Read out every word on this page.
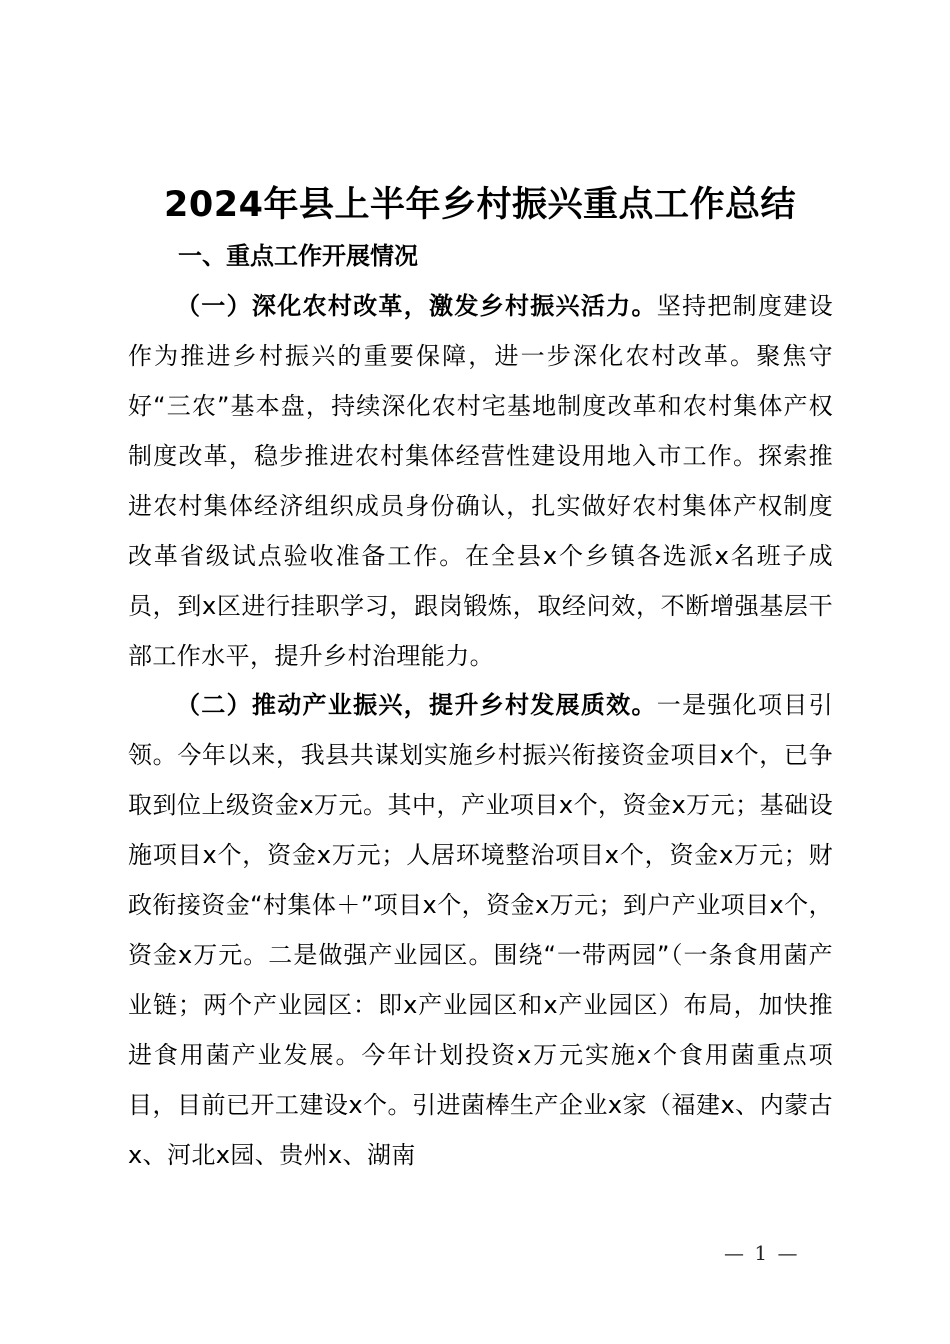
2024年县上半年乡村振兴重点工作总结
一、重点工作开展情况

（一）深化农村改革，激发乡村振兴活力。坚持把制度建设作为推进乡村振兴的重要保障，进一步深化农村改革。聚焦守好“三农”基本盘，持续深化农村宅基地制度改革和农村集体产权制度改革，稳步推进农村集体经营性建设用地入市工作。探索推进农村集体经济组织成员身份确认，扎实做好农村集体产权制度改革省级试点验收准备工作。在全县x个乡镇各选派x名班子成员，到x区进行挂职学习，跟岗锻炼，取经问效，不断增强基层干部工作水平，提升乡村治理能力。

（二）推动产业振兴，提升乡村发展质效。一是强化项目引领。今年以来，我县共谋划实施乡村振兴衔接资金项目x个，已争取到位上级资金x万元。其中，产业项目x个，资金x万元；基础设施项目x个，资金x万元；人居环境整治项目x个，资金x万元；财政衔接资金“村集体＋”项目x个，资金x万元；到户产业项目x个，资金x万元。二是做强产业园区。围绕“一带两园”（一条食用菌产业链；两个产业园区：即x产业园区和x产业园区）布局，加快推进食用菌产业发展。今年计划投资x万元实施x个食用菌重点项目，目前已开工建设x个。引进菌棒生产企业x家（福建x、内蒙古x、河北x园、贵州x、湖南

— 1 —
